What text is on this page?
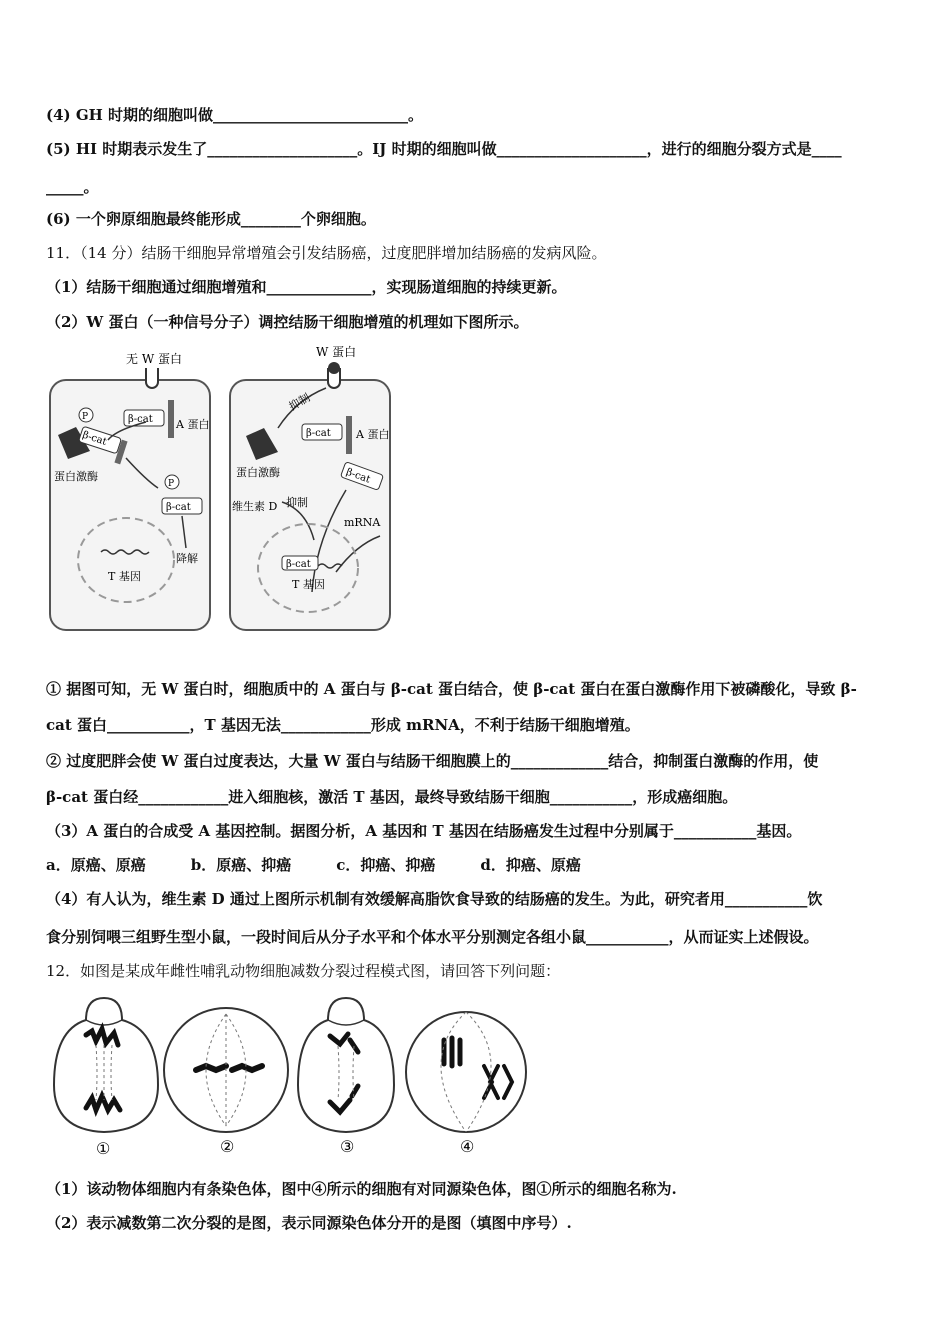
(4) GH 时期的细胞叫做__________________________。
(5) HI 时期表示发生了____________________。IJ 时期的细胞叫做____________________，进行的细胞分裂方式是____
_____。
(6) 一个卵原细胞最终能形成________个卵细胞。
11．（14 分）结肠干细胞异常增殖会引发结肠癌，过度肥胖增加结肠癌的发病风险。
（1）结肠干细胞通过细胞增殖和______________，实现肠道细胞的持续更新。
（2）W 蛋白（一种信号分子）调控结肠干细胞增殖的机理如下图所示。
无 W 蛋白
A 蛋白
β-cat
P
β-cat
蛋白激酶
P
β-cat
降解
T 基因
W 蛋白
抑制
蛋白激酶
A 蛋白
β-cat
β-cat
维生素 D 抑制
mRNA
β-cat
T 基因
① 据图可知，无 W 蛋白时，细胞质中的 A 蛋白与 β-cat 蛋白结合，使 β-cat 蛋白在蛋白激酶作用下被磷酸化，导致 β-
cat 蛋白___________，T 基因无法____________形成 mRNA，不利于结肠干细胞增殖。
② 过度肥胖会使 W 蛋白过度表达，大量 W 蛋白与结肠干细胞膜上的_____________结合，抑制蛋白激酶的作用，使
β-cat 蛋白经____________进入细胞核，激活 T 基因，最终导致结肠干细胞___________，形成癌细胞。
（3）A 蛋白的合成受 A 基因控制。据图分析，A 基因和 T 基因在结肠癌发生过程中分别属于___________基因。
a．原癌、原癌　　　b．原癌、抑癌　　　c．抑癌、抑癌　　　d．抑癌、原癌
（4）有人认为，维生素 D 通过上图所示机制有效缓解高脂饮食导致的结肠癌的发生。为此，研究者用___________饮
食分别饲喂三组野生型小鼠，一段时间后从分子水平和个体水平分别测定各组小鼠___________，从而证实上述假设。
12．如图是某成年雌性哺乳动物细胞减数分裂过程模式图，请回答下列问题：
①	②	③	④
（1）该动物体细胞内有条染色体，图中④所示的细胞有对同源染色体，图①所示的细胞名称为.
（2）表示减数第二次分裂的是图，表示同源染色体分开的是图（填图中序号）.
